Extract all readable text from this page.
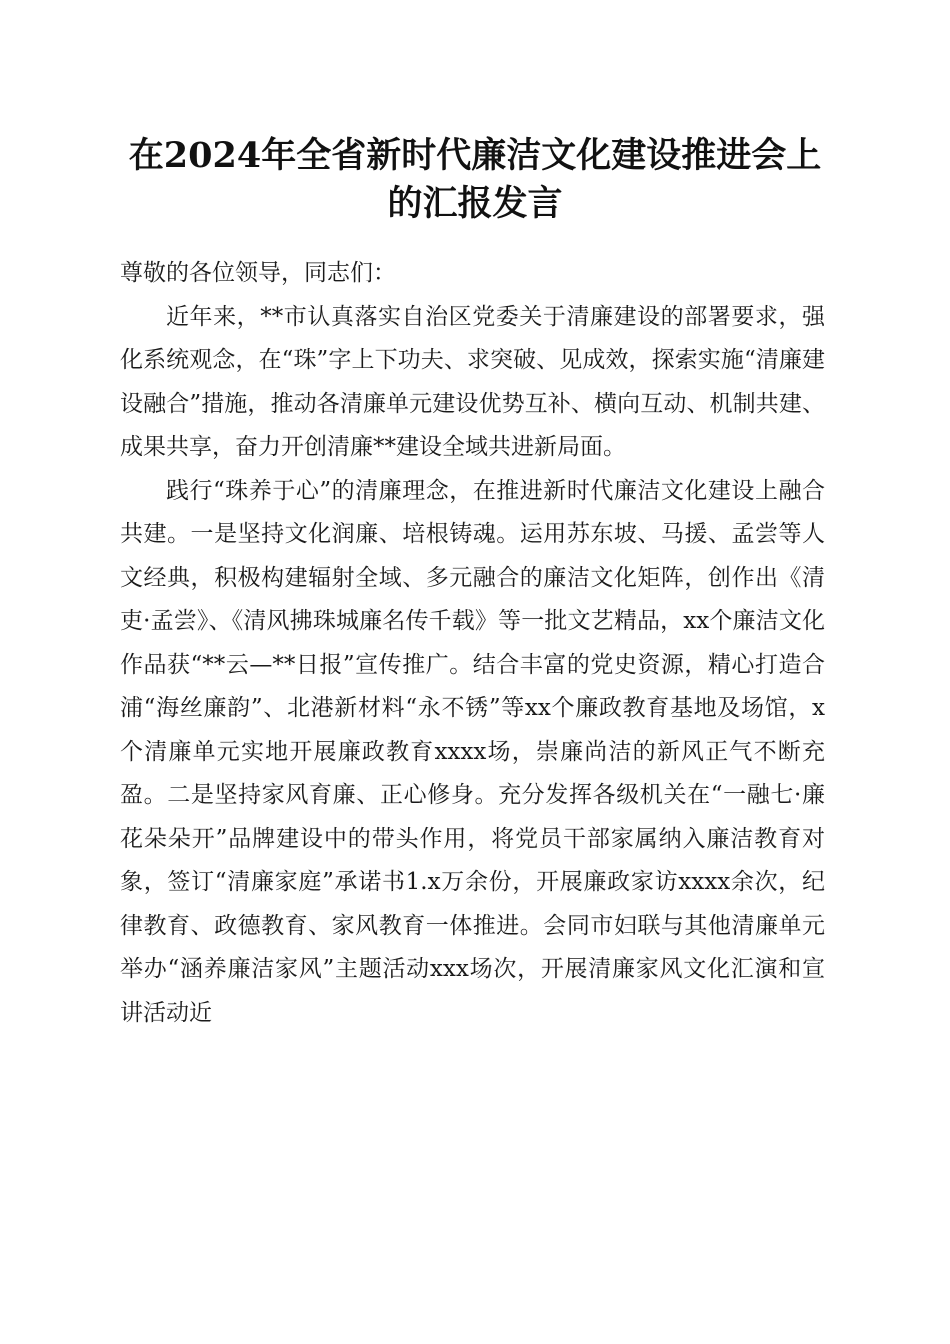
在2024年全省新时代廉洁文化建设推进会上的汇报发言

尊敬的各位领导，同志们：

近年来，**市认真落实自治区党委关于清廉建设的部署要求，强化系统观念，在“珠”字上下功夫、求突破、见成效，探索实施“清廉建设融合”措施，推动各清廉单元建设优势互补、横向互动、机制共建、成果共享，奋力开创清廉**建设全域共进新局面。

践行“珠养于心”的清廉理念，在推进新时代廉洁文化建设上融合共建。一是坚持文化润廉、培根铸魂。运用苏东坡、马援、孟尝等人文经典，积极构建辐射全域、多元融合的廉洁文化矩阵，创作出《清吏·孟尝》、《清风拂珠城廉名传千载》等一批文艺精品，xx个廉洁文化作品获“**云—**日报”宣传推广。结合丰富的党史资源，精心打造合浦“海丝廉韵”、北港新材料“永不锈”等xx个廉政教育基地及场馆，x个清廉单元实地开展廉政教育xxxx场，崇廉尚洁的新风正气不断充盈。二是坚持家风育廉、正心修身。充分发挥各级机关在“一融七·廉花朵朵开”品牌建设中的带头作用，将党员干部家属纳入廉洁教育对象，签订“清廉家庭”承诺书1.x万余份，开展廉政家访xxxx余次，纪律教育、政德教育、家风教育一体推进。会同市妇联与其他清廉单元举办“涵养廉洁家风”主题活动xxx场次，开展清廉家风文化汇演和宣讲活动近
